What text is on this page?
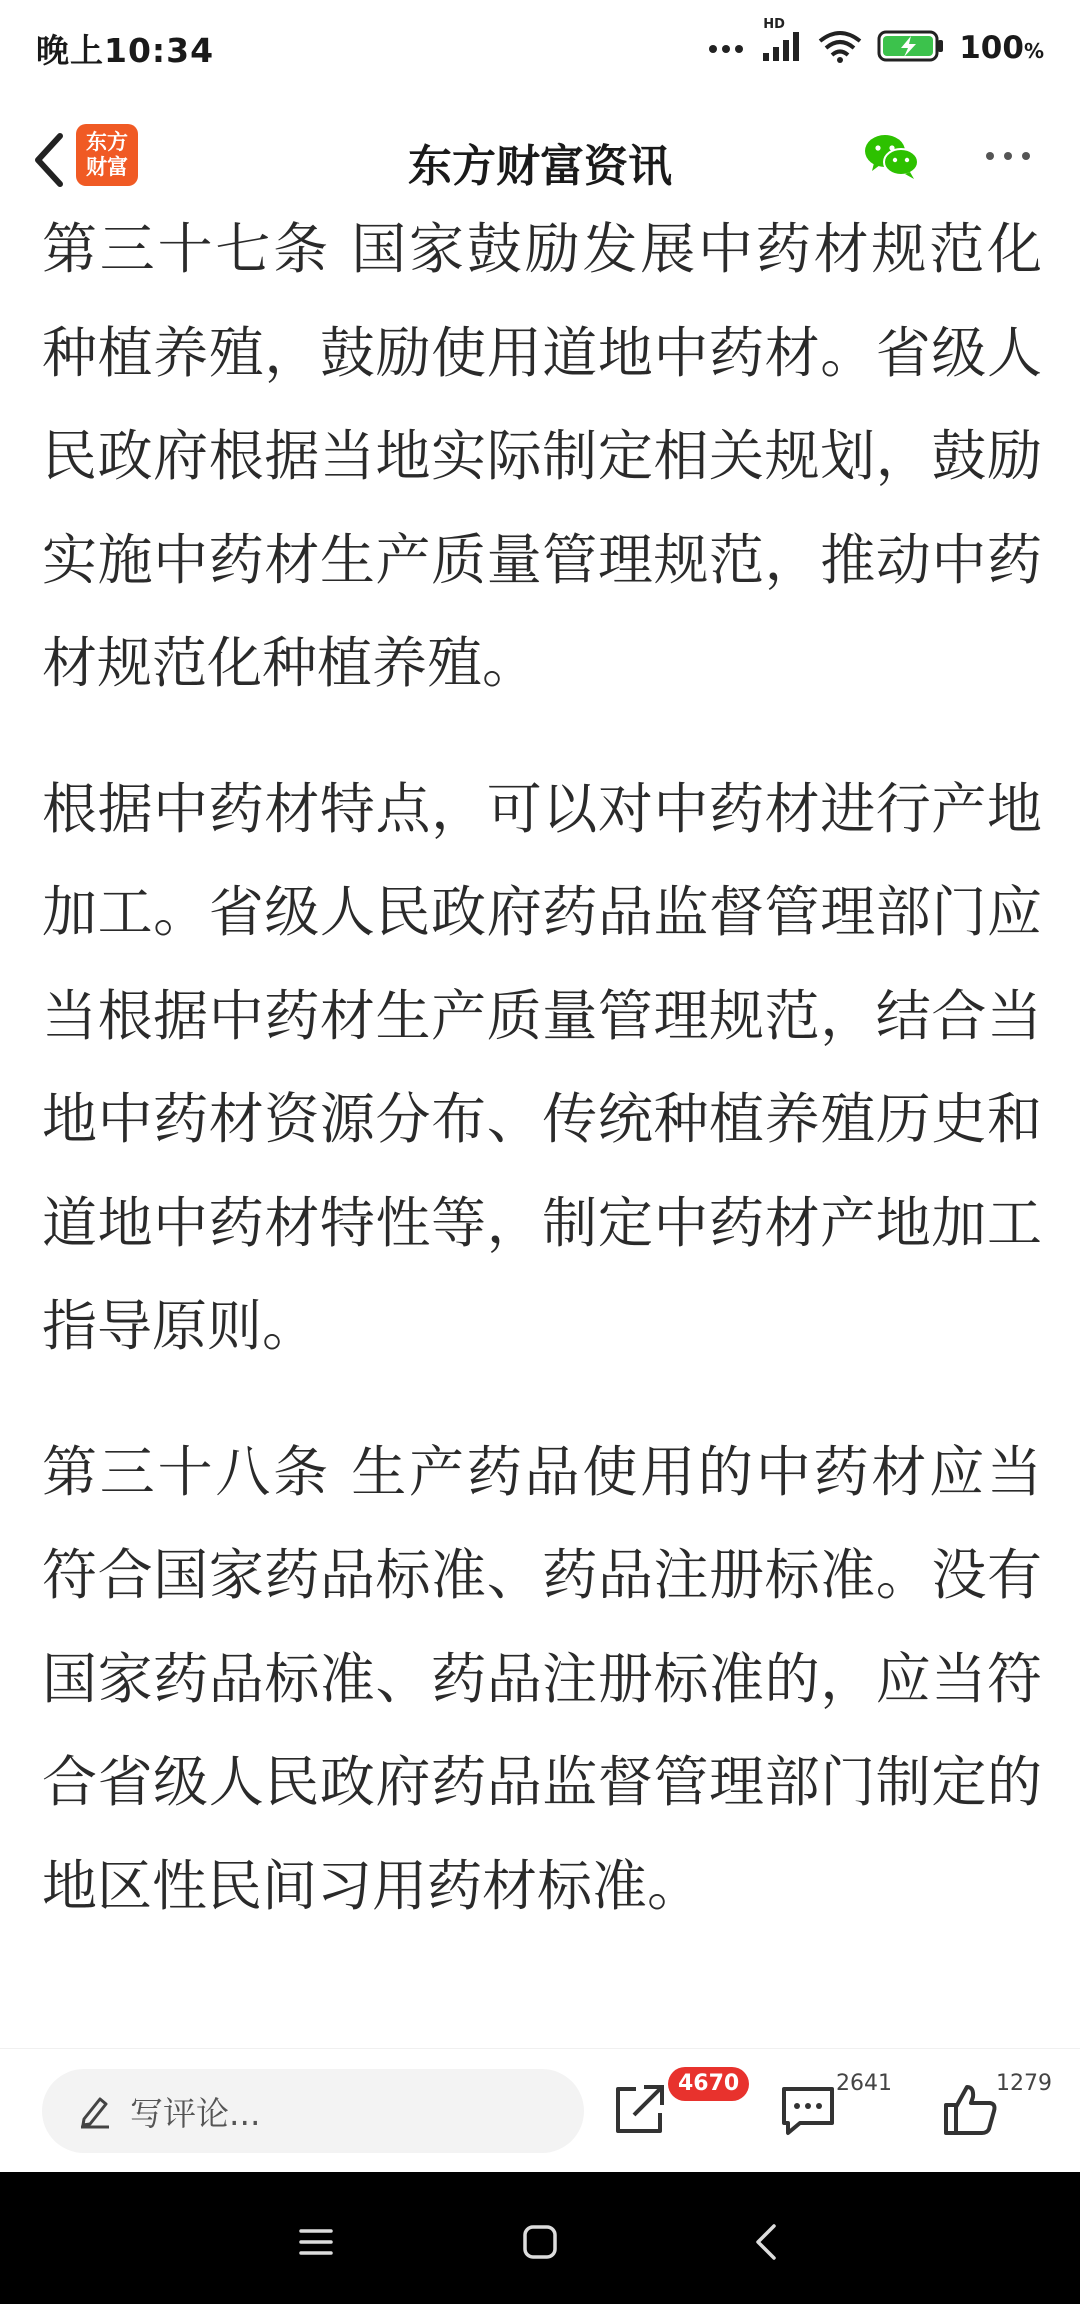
晚上10:34
HD
100%
东方
财富	东方财富资讯

第三十七条 国家鼓励发展中药材规范化种植养殖，鼓励使用道地中药材。省级人民政府根据当地实际制定相关规划，鼓励实施中药材生产质量管理规范，推动中药材规范化种植养殖。

根据中药材特点，可以对中药材进行产地加工。省级人民政府药品监督管理部门应当根据中药材生产质量管理规范，结合当地中药材资源分布、传统种植养殖历史和道地中药材特性等，制定中药材产地加工指导原则。

第三十八条 生产药品使用的中药材应当符合国家药品标准、药品注册标准。没有国家药品标准、药品注册标准的，应当符合省级人民政府药品监督管理部门制定的地区性民间习用药材标准。

写评论...
4670	2641	1279
